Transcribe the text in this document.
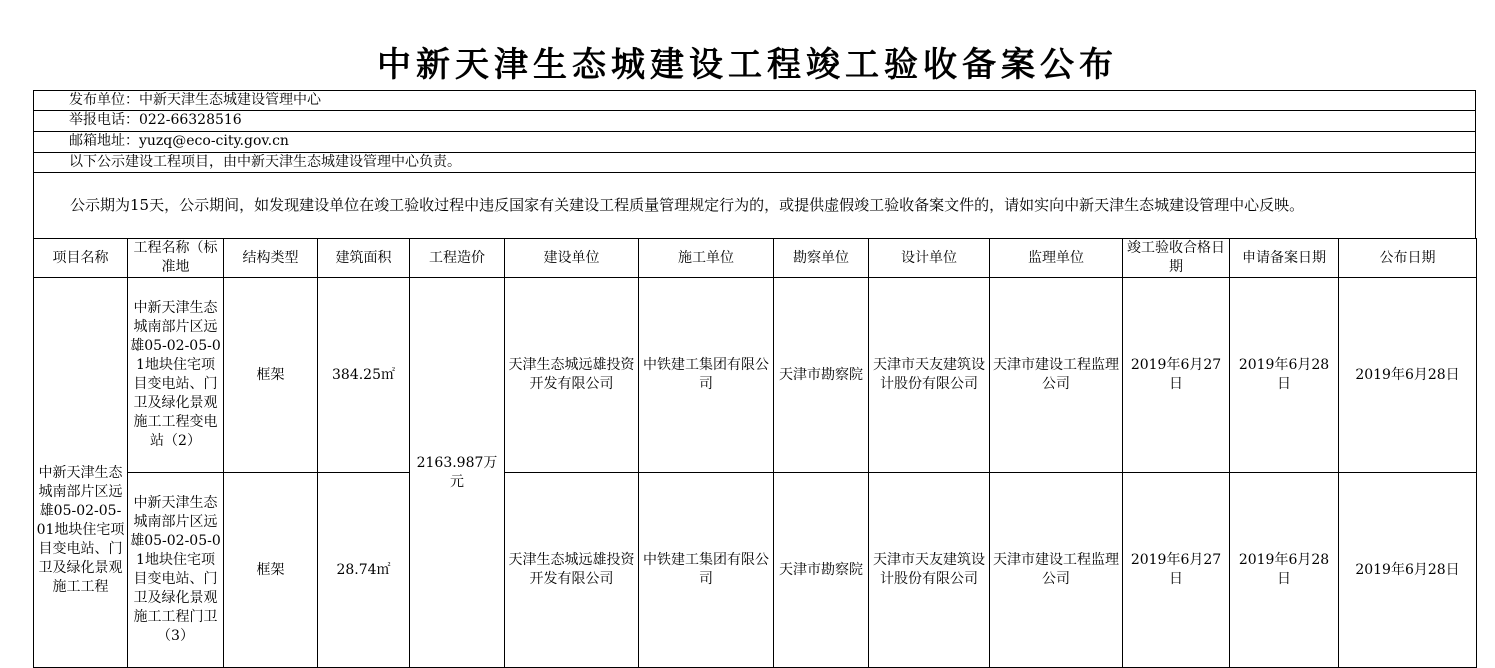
中新天津生态城建设工程竣工验收备案公布
发布单位：中新天津生态城建设管理中心
举报电话：022-66328516
邮箱地址：yuzq@eco-city.gov.cn
以下公示建设工程项目，由中新天津生态城建设管理中心负责。
公示期为15天，公示期间，如发现建设单位在竣工验收过程中违反国家有关建设工程质量管理规定行为的，或提供虚假竣工验收备案文件的，请如实向中新天津生态城建设管理中心反映。
项目名称	工程名称（标准地	结构类型	建筑面积	工程造价	建设单位	施工单位	勘察单位	设计单位	监理单位	竣工验收合格日期	申请备案日期	公布日期
中新天津生态城南部片区远雄05-02-05-01地块住宅项目变电站、门卫及绿化景观施工工程	中新天津生态城南部片区远雄05-02-05-01地块住宅项目变电站、门卫及绿化景观施工工程变电站（2）	框架	384.25㎡	2163.987万元	天津生态城远雄投资开发有限公司	中铁建工集团有限公司	天津市勘察院	天津市天友建筑设计股份有限公司	天津市建设工程监理公司	2019年6月27日	2019年6月28日	2019年6月28日
	中新天津生态城南部片区远雄05-02-05-01地块住宅项目变电站、门卫及绿化景观施工工程门卫（3）	框架	28.74㎡		天津生态城远雄投资开发有限公司	中铁建工集团有限公司	天津市勘察院	天津市天友建筑设计股份有限公司	天津市建设工程监理公司	2019年6月27日	2019年6月28日	2019年6月28日
